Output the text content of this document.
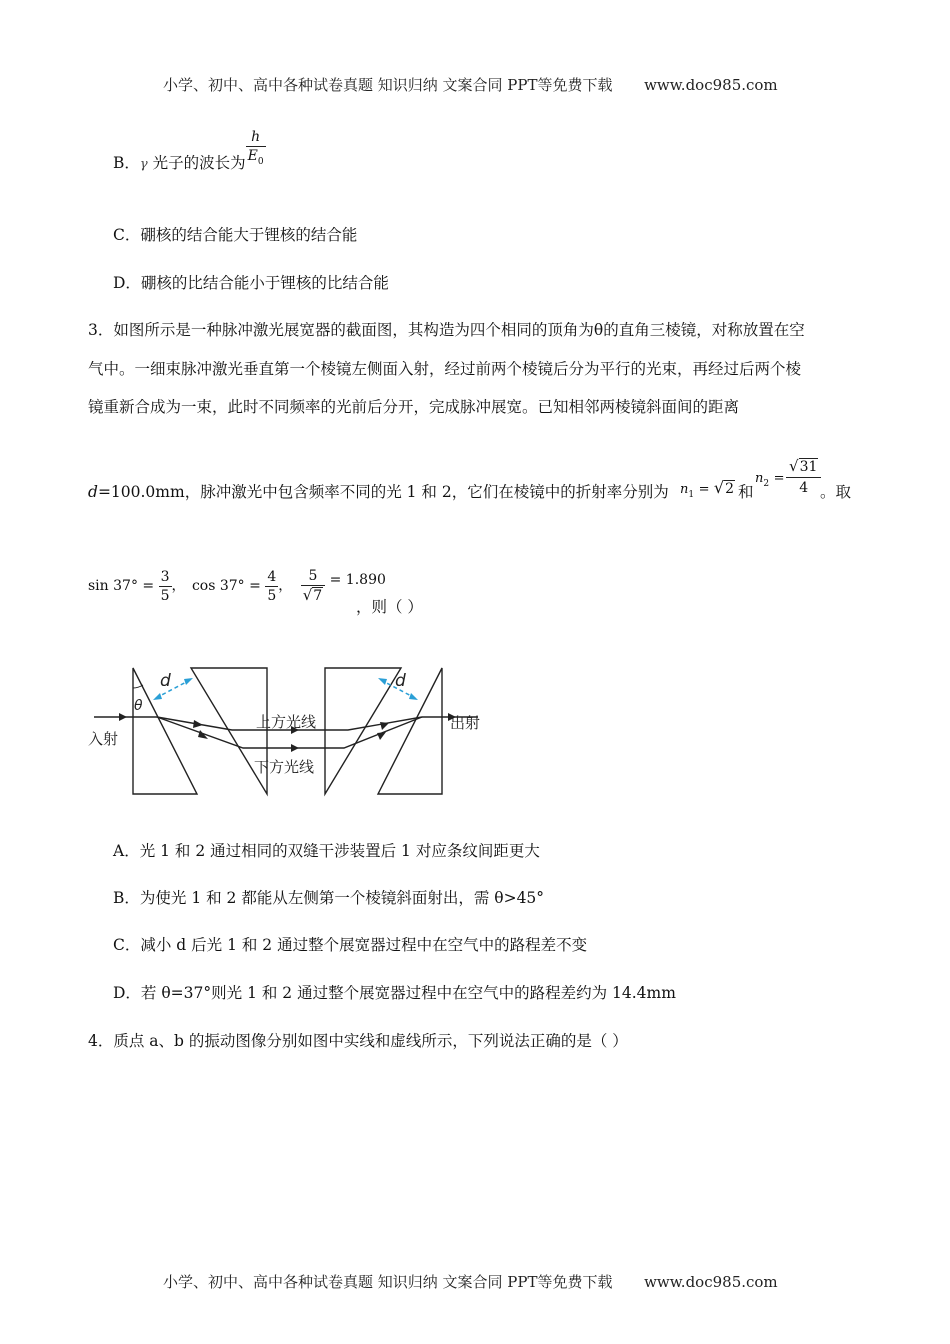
小学、初中、高中各种试卷真题 知识归纳 文案合同 PPT等免费下载 www.doc985.com
B．γ 光子的波长为 $\frac{h}{E_0}$
C．硼核的结合能大于锂核的结合能
D．硼核的比结合能小于锂核的比结合能
3．如图所示是一种脉冲激光展宽器的截面图，其构造为四个相同的顶角为θ的直角三棱镜，对称放置在空
气中。一细束脉冲激光垂直第一个棱镜左侧面入射，经过前两个棱镜后分为平行的光束，再经过后两个棱
镜重新合成为一束，此时不同频率的光前后分开，完成脉冲展宽。已知相邻两棱镜斜面间的距离
d=100.0mm，脉冲激光中包含频率不同的光 1 和 2，它们在棱镜中的折射率分别为 $n_1 = √2$ 和
$n_2$ =
√31
4 。取
$\sin 37^\circ = \frac{3}{5}$ ， $\cos 37^\circ = \frac{4}{5}$ ， $\frac{5}{√7} = 1.890$
，则（ ）
d	d
θ
入射
出射
上方光线
下方光线
A．光 1 和 2 通过相同的双缝干涉装置后 1 对应条纹间距更大
B．为使光 1 和 2 都能从左侧第一个棱镜斜面射出，需 θ>45°
C．减小 d 后光 1 和 2 通过整个展宽器过程中在空气中的路程差不变
D．若 θ=37°则光 1 和 2 通过整个展宽器过程中在空气中的路程差约为 14.4mm
4．质点 a、b 的振动图像分别如图中实线和虚线所示，下列说法正确的是（ ）
小学、初中、高中各种试卷真题 知识归纳 文案合同 PPT等免费下载 www.doc985.com
